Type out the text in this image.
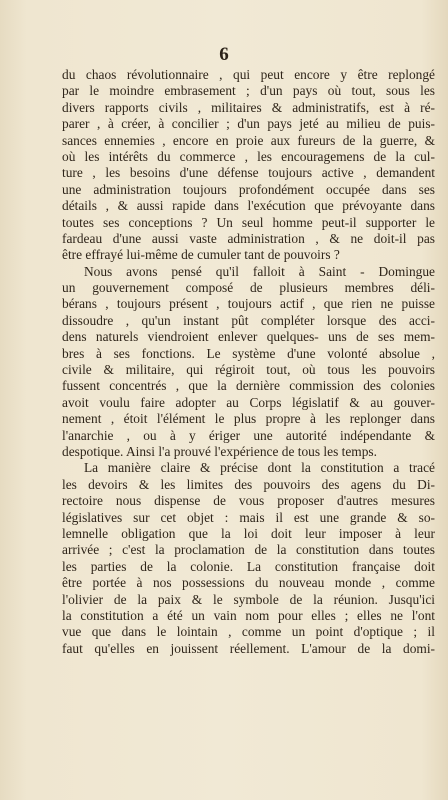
6
du chaos révolutionnaire , qui peut encore y être replongé
par le moindre embrasement ; d'un pays où tout, sous les
divers rapports civils , militaires & administratifs, est à ré-
parer , à créer, à concilier ; d'un pays jeté au milieu de puis-
sances ennemies , encore en proie aux fureurs de la guerre, &
où les intérêts du commerce , les encouragemens de la cul-
ture , les besoins d'une défense toujours active , demandent
une administration toujours profondément occupée dans ses
détails , & aussi rapide dans l'exécution que prévoyante dans
toutes ses conceptions ? Un seul homme peut-il supporter le
fardeau d'une aussi vaste administration , & ne doit-il pas
être effrayé lui-même de cumuler tant de pouvoirs ?
Nous avons pensé qu'il falloit à Saint - Domingue
un gouvernement composé de plusieurs membres déli-
bérans , toujours présent , toujours actif , que rien ne puisse
dissoudre , qu'un instant pût compléter lorsque des acci-
dens naturels viendroient enlever quelques- uns de ses mem-
bres à ses fonctions. Le système d'une volonté absolue ,
civile & militaire, qui régiroit tout, où tous les pouvoirs
fussent concentrés , que la dernière commission des colonies
avoit voulu faire adopter au Corps législatif & au gouver-
nement , étoit l'élément le plus propre à les replonger dans
l'anarchie , ou à y ériger une autorité indépendante &
despotique. Ainsi l'a prouvé l'expérience de tous les temps.
La manière claire & précise dont la constitution a tracé
les devoirs & les limites des pouvoirs des agens du Di-
rectoire nous dispense de vous proposer d'autres mesures
législatives sur cet objet : mais il est une grande & so-
lemnelle obligation que la loi doit leur imposer à leur
arrivée ; c'est la proclamation de la constitution dans toutes
les parties de la colonie. La constitution française doit
être portée à nos possessions du nouveau monde , comme
l'olivier de la paix & le symbole de la réunion. Jusqu'ici
la constitution a été un vain nom pour elles ; elles ne l'ont
vue que dans le lointain , comme un point d'optique ; il
faut qu'elles en jouissent réellement. L'amour de la domi-
